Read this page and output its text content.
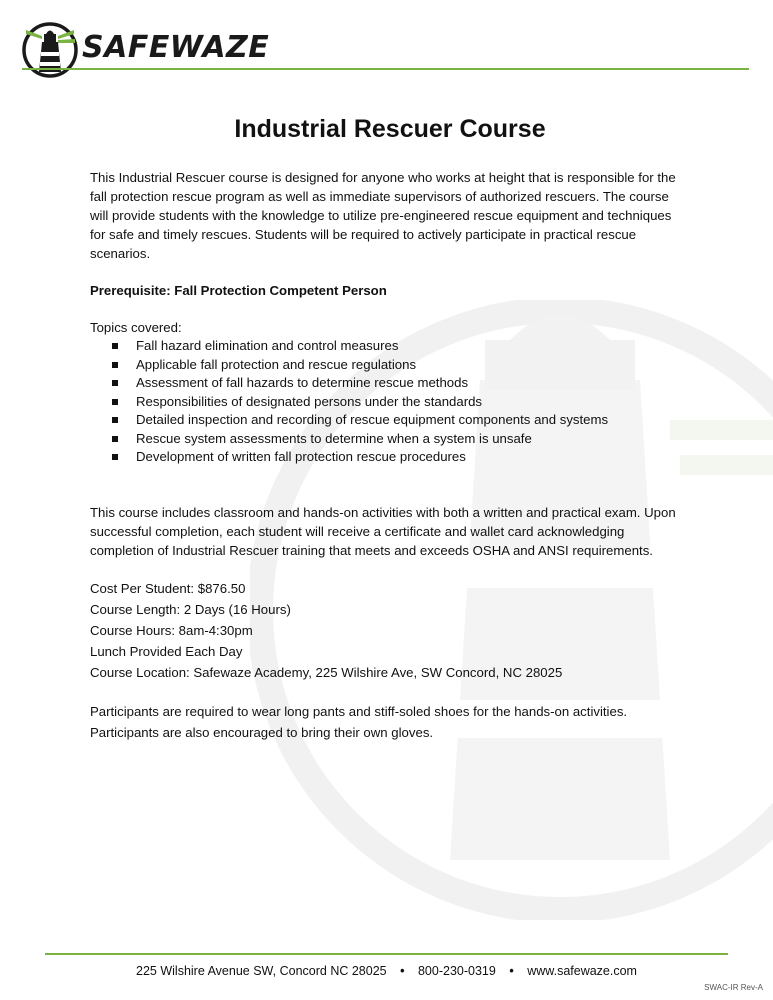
SAFEWAZE
Industrial Rescuer Course

This Industrial Rescuer course is designed for anyone who works at height that is responsible for the fall protection rescue program as well as immediate supervisors of authorized rescuers. The course will provide students with the knowledge to utilize pre-engineered rescue equipment and techniques for safe and timely rescues. Students will be required to actively participate in practical rescue scenarios.

Prerequisite: Fall Protection Competent Person

Topics covered:

Fall hazard elimination and control measures
Applicable fall protection and rescue regulations
Assessment of fall hazards to determine rescue methods
Responsibilities of designated persons under the standards
Detailed inspection and recording of rescue equipment components and systems
Rescue system assessments to determine when a system is unsafe
Development of written fall protection rescue procedures

This course includes classroom and hands-on activities with both a written and practical exam. Upon successful completion, each student will receive a certificate and wallet card acknowledging completion of Industrial Rescuer training that meets and exceeds OSHA and ANSI requirements.

Cost Per Student: $876.50
Course Length: 2 Days (16 Hours)
Course Hours: 8am-4:30pm
Lunch Provided Each Day
Course Location: Safewaze Academy, 225 Wilshire Ave, SW Concord, NC 28025
Participants are required to wear long pants and stiff-soled shoes for the hands-on activities.
Participants are also encouraged to bring their own gloves.
225 Wilshire Avenue SW, Concord NC 28025 • 800-230-0319 • www.safewaze.com
SWAC-IR Rev-A
